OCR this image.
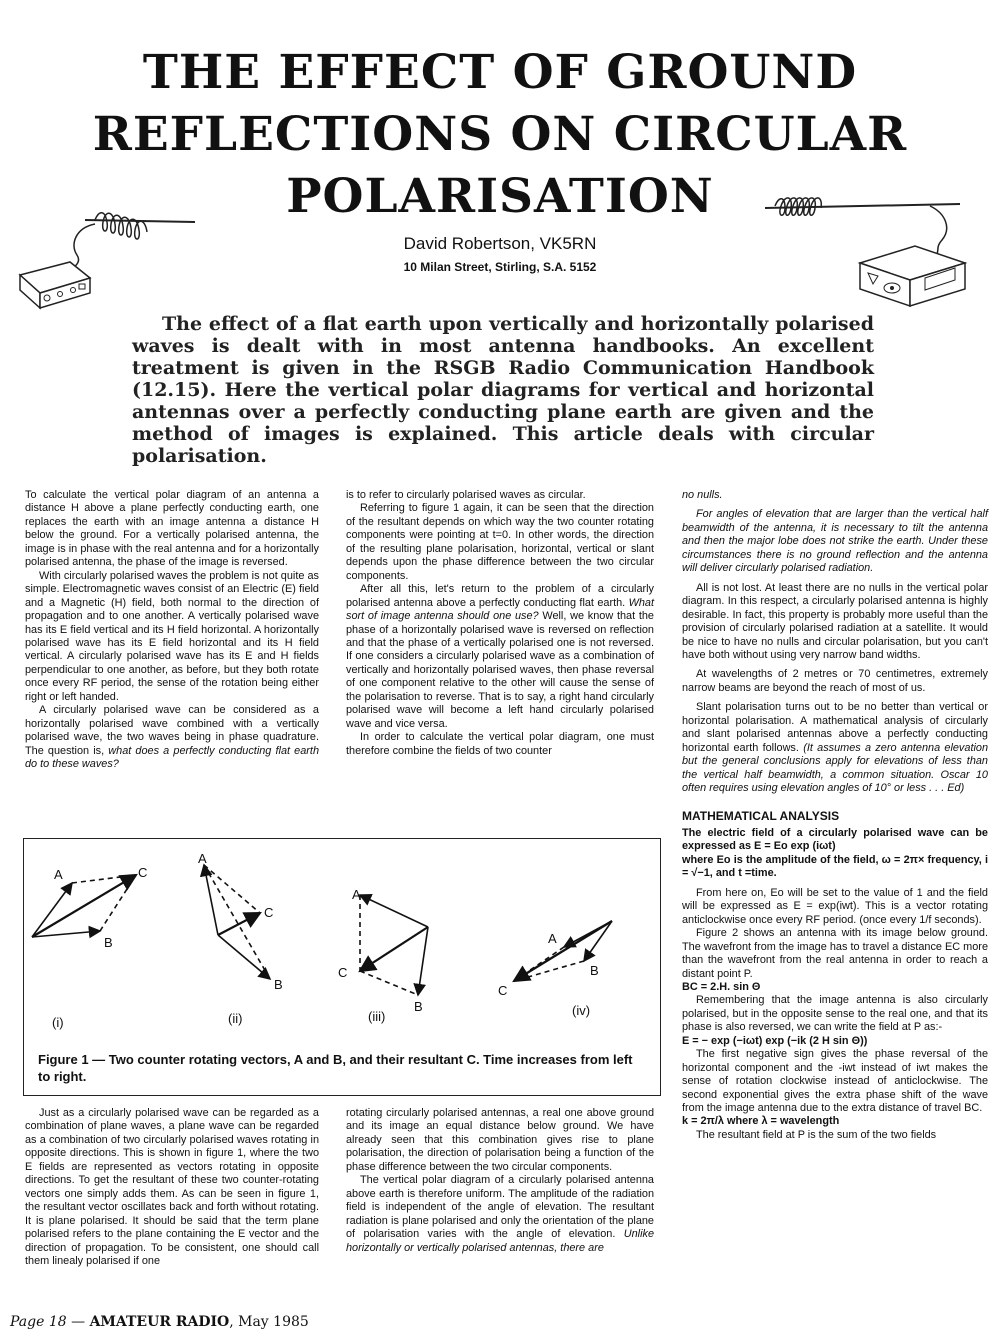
THE EFFECT OF GROUND REFLECTIONS ON CIRCULAR POLARISATION
David Robertson, VK5RN
10 Milan Street, Stirling, S.A. 5152

The effect of a flat earth upon vertically and horizontally polarised waves is dealt with in most antenna handbooks. An excellent treatment is given in the RSGB Radio Communication Handbook (12.15). Here the vertical polar diagrams for vertical and horizontal antennas over a perfectly conducting plane earth are given and the method of images is explained. This article deals with circular polarisation.

To calculate the vertical polar diagram of an antenna a distance H above a plane perfectly conducting earth, one replaces the earth with an image antenna a distance H below the ground. For a vertically polarised antenna, the image is in phase with the real antenna and for a horizontally polarised antenna, the phase of the image is reversed.

With circularly polarised waves the problem is not quite as simple. Electromagnetic waves consist of an Electric (E) field and a Magnetic (H) field, both normal to the direction of propagation and to one another. A vertically polarised wave has its E field vertical and its H field horizontal. A horizontally polarised wave has its E field horizontal and its H field vertical. A circularly polarised wave has its E and H fields perpendicular to one another, as before, but they both rotate once every RF period, the sense of the rotation being either right or left handed.

A circularly polarised wave can be considered as a horizontally polarised wave combined with a vertically polarised wave, the two waves being in phase quadrature. The question is, what does a perfectly conducting flat earth do to these waves?

is to refer to circularly polarised waves as circular.

Referring to figure 1 again, it can be seen that the direction of the resultant depends on which way the two counter rotating components were pointing at t=0. In other words, the direction of the resulting plane polarisation, horizontal, vertical or slant depends upon the phase difference between the two circular components.

After all this, let's return to the problem of a circularly polarised antenna above a perfectly conducting flat earth. What sort of image antenna should one use? Well, we know that the phase of a horizontally polarised wave is reversed on reflection and that the phase of a vertically polarised one is not reversed. If one considers a circularly polarised wave as a combination of vertically and horizontally polarised waves, then phase reversal of one component relative to the other will cause the sense of the polarisation to reverse. That is to say, a right hand circularly polarised wave will become a left hand circularly polarised wave and vice versa.

In order to calculate the vertical polar diagram, one must therefore combine the fields of two counter

no nulls.

For angles of elevation that are larger than the vertical half beamwidth of the antenna, it is necessary to tilt the antenna and then the major lobe does not strike the earth. Under these circumstances there is no ground reflection and the antenna will deliver circularly polarised radiation.

All is not lost. At least there are no nulls in the vertical polar diagram. In this respect, a circularly polarised antenna is highly desirable. In fact, this property is probably more useful than the provision of circularly polarised radiation at a satellite. It would be nice to have no nulls and circular polarisation, but you can't have both without using very narrow band widths.

At wavelengths of 2 metres or 70 centimetres, extremely narrow beams are beyond the reach of most of us.

Slant polarisation turns out to be no better than vertical or horizontal polarisation. A mathematical analysis of circularly and slant polarised antennas above a perfectly conducting horizontal earth follows. (It assumes a zero antenna elevation but the general conclusions apply for elevations of less than the vertical half beamwidth, a common situation. Oscar 10 often requires using elevation angles of 10° or less . . . Ed)

MATHEMATICAL ANALYSIS

The electric field of a circularly polarised wave can be expressed as E = Eo exp (iωt)

where Eo is the amplitude of the field, ω = 2π× frequency, i = √−1, and t =time.

From here on, Eo will be set to the value of 1 and the field will be expressed as E = exp(iwt). This is a vector rotating anticlockwise once every RF period. (once every 1/f seconds).

Figure 2 shows an antenna with its image below ground. The wavefront from the image has to travel a distance EC more than the wavefront from the real antenna in order to reach a distant point P.

BC = 2.H. sin Θ

Remembering that the image antenna is also circularly polarised, but in the opposite sense to the real one, and that its phase is also reversed, we can write the field at P as:-

E = − exp (−iωt) exp (−ik (2 H sin Θ))

The first negative sign gives the phase reversal of the horizontal component and the -iwt instead of iwt makes the sense of rotation clockwise instead of anticlockwise. The second exponential gives the extra phase shift of the wave from the image antenna due to the extra distance of travel BC.

k = 2π/λ where λ = wavelength

The resultant field at P is the sum of the two fields

A
B
C
A
B
C
A
B
C
A
B
C
(i)	(ii)	(iii)	(iv)
Figure 1 — Two counter rotating vectors, A and B, and their resultant C. Time increases from left to right.

Just as a circularly polarised wave can be regarded as a combination of plane waves, a plane wave can be regarded as a combination of two circularly polarised waves rotating in opposite directions. This is shown in figure 1, where the two E fields are represented as vectors rotating in opposite directions. To get the resultant of these two counter-rotating vectors one simply adds them. As can be seen in figure 1, the resultant vector oscillates back and forth without rotating. It is plane polarised. It should be said that the term plane polarised refers to the plane containing the E vector and the direction of propagation. To be consistent, one should call them linealy polarised if one

rotating circularly polarised antennas, a real one above ground and its image an equal distance below ground. We have already seen that this combination gives rise to plane polarisation, the direction of polarisation being a function of the phase difference between the two circular components.

The vertical polar diagram of a circularly polarised antenna above earth is therefore uniform. The amplitude of the radiation field is independent of the angle of elevation. The resultant radiation is plane polarised and only the orientation of the plane of polarisation varies with the angle of elevation. Unlike horizontally or vertically polarised antennas, there are

Page 18 — AMATEUR RADIO, May 1985
